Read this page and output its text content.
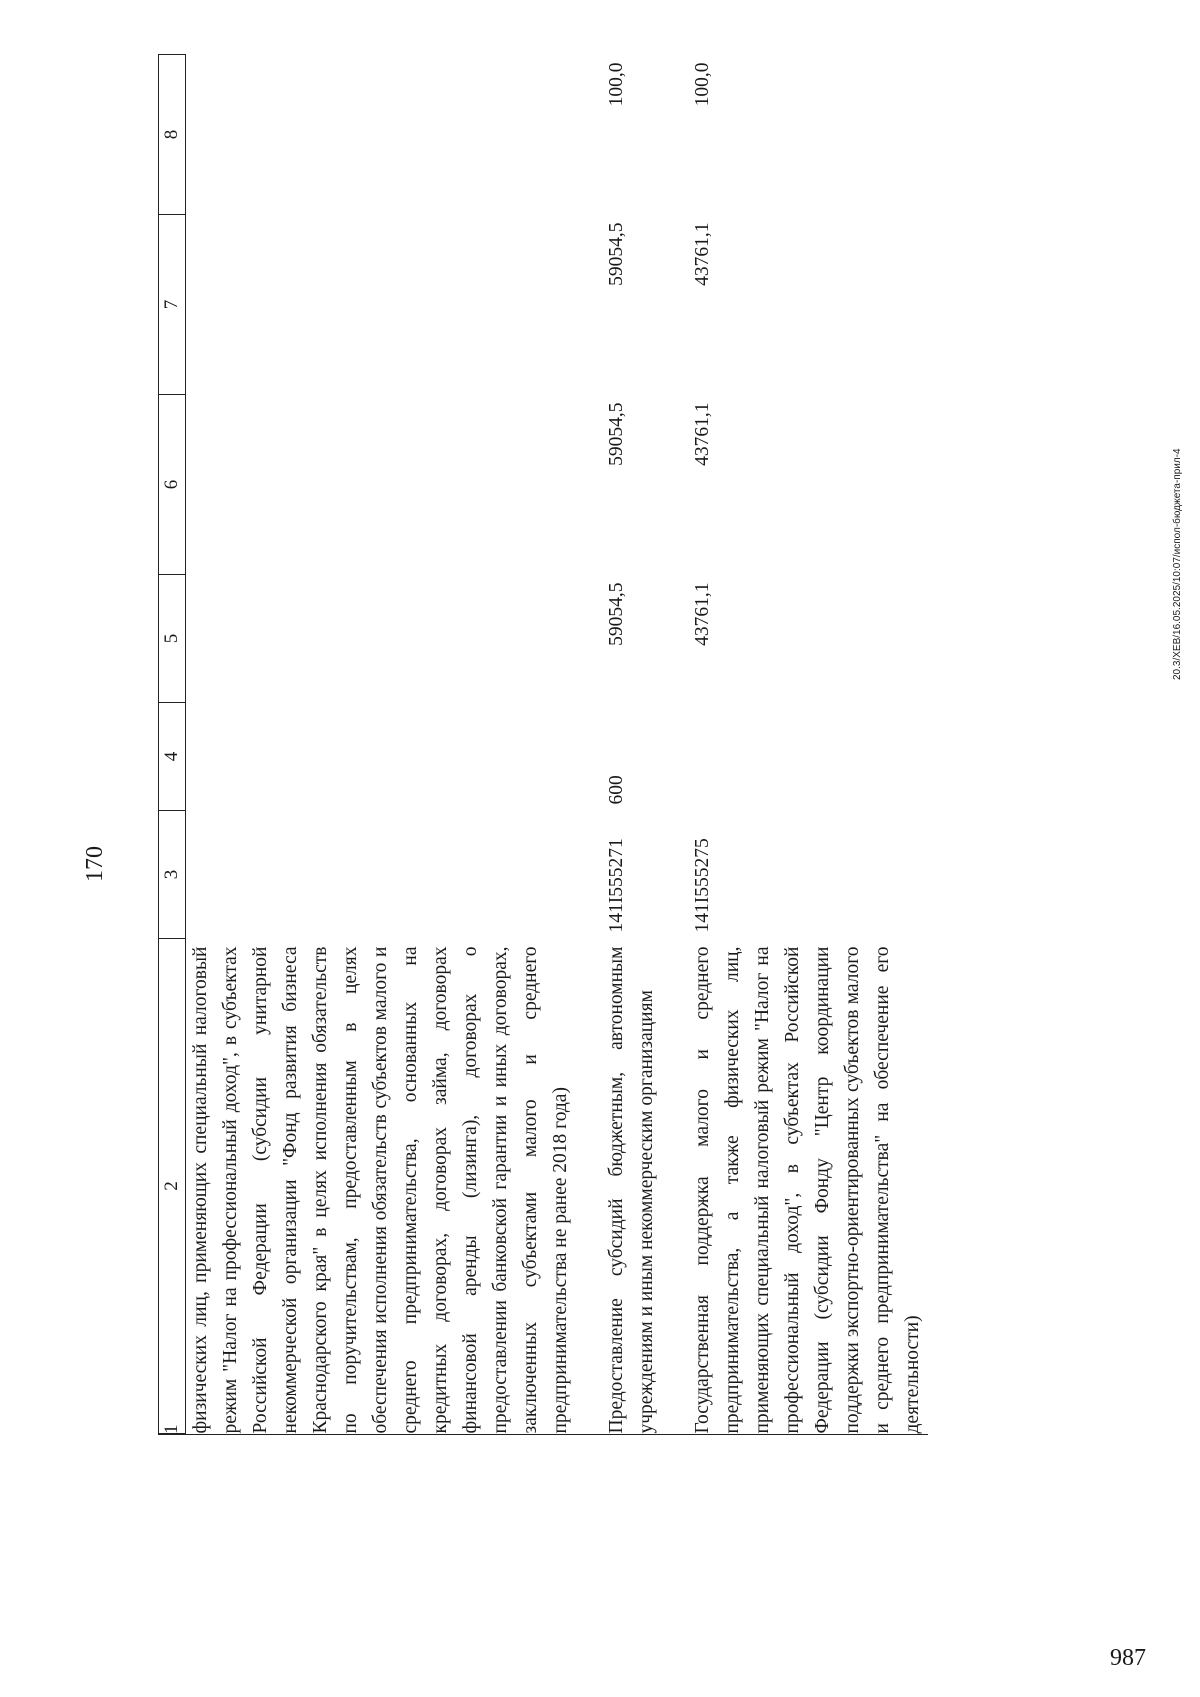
170
1	2	3	4	5	6	7	8
	физических лиц, применяющих специальный налоговый режим "Налог на профессиональный доход", в субъектах Российской Федерации (субсидии унитарной некоммерческой организации "Фонд развития бизнеса Краснодарского края" в целях исполнения обязательств по поручительствам, предоставленным в целях обеспечения исполнения обязательств субъектов малого и среднего предпринимательства, основанных на кредитных договорах, договорах займа, договорах финансовой аренды (лизинга), договорах о предоставлении банковской гарантии и иных договорах, заключенных субъектами малого и среднего предпринимательства не ранее 2018 года)						
	Предоставление субсидий бюджетным, автономным учреждениям и иным некоммерческим организациям	141I555271	600	59054,5	59054,5	59054,5	100,0
	Государственная поддержка малого и среднего предпринимательства, а также физических лиц, применяющих специальный налоговый режим "Налог на профессиональный доход", в субъектах Российской Федерации (субсидии Фонду "Центр координации поддержки экспортно-ориентированных субъектов малого и среднего предпринимательства" на обеспечение его деятельности)	141I555275		43761,1	43761,1	43761,1	100,0
20.3/XEB/16.05.2025/10:07/испол-бюджета-прил-4
987
